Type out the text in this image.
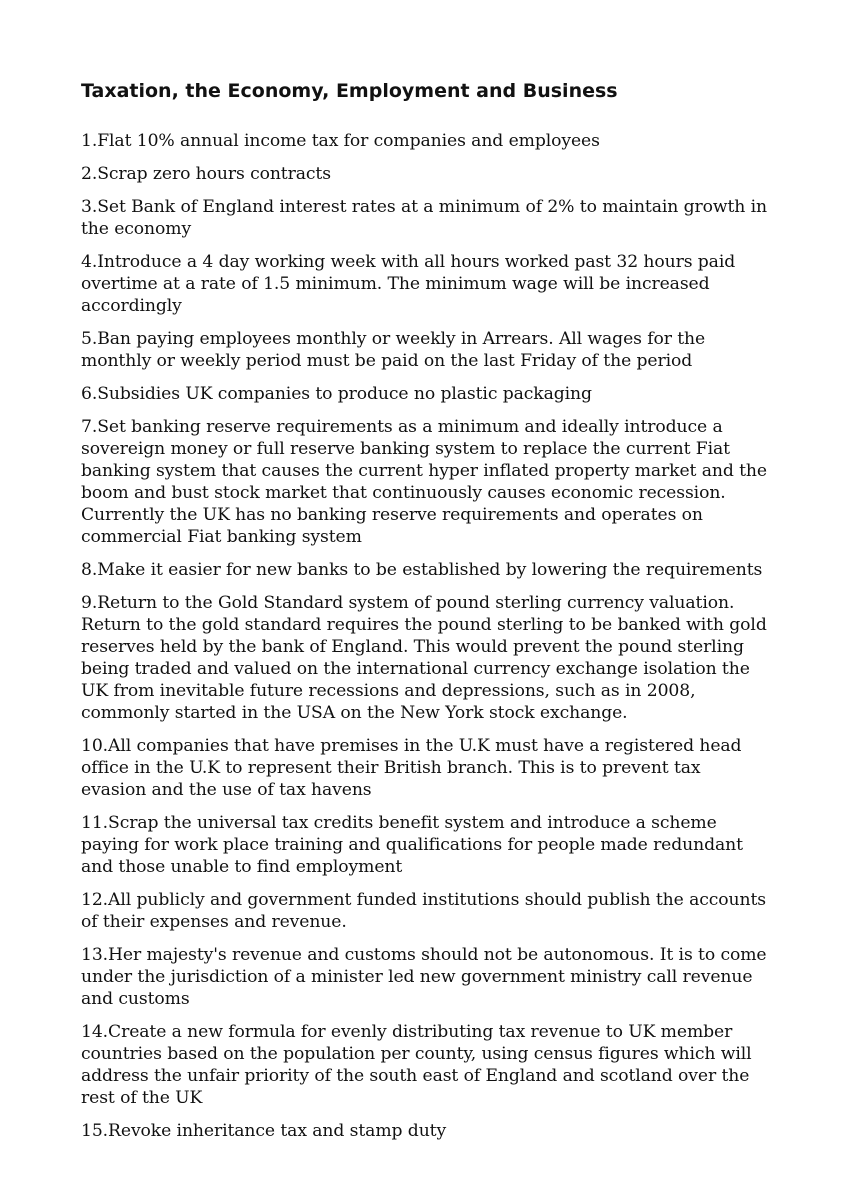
Taxation, the Economy, Employment and Business
1.Flat 10% annual income tax for companies and employees
2.Scrap zero hours contracts
3.Set Bank of England interest rates at a minimum of 2% to maintain growth in the economy
4.Introduce a 4 day working week with all hours worked past 32 hours paid overtime at a rate of 1.5 minimum. The minimum wage will be increased accordingly
5.Ban paying employees monthly or weekly in Arrears. All wages for the monthly or weekly period must be paid on the last Friday of the period
6.Subsidies UK companies to produce no plastic packaging
7.Set banking reserve requirements as a minimum and ideally introduce a sovereign money or full reserve banking system to replace the current Fiat banking system that causes the current hyper inflated property market and the boom and bust stock market that continuously causes economic recession. Currently the UK has no banking reserve requirements and operates on commercial Fiat banking system
8.Make it easier for new banks to be established by lowering the requirements
9.Return to the Gold Standard system of pound sterling currency valuation. Return to the gold standard requires the pound sterling to be banked with gold reserves held by the bank of England. This would prevent the pound sterling being traded and valued on the international currency exchange isolation the UK from inevitable future recessions and depressions, such as in 2008, commonly started in the USA on the New York stock exchange.
10.All companies that have premises in the U.K must have a registered head office in the U.K to represent their British branch. This is to prevent tax evasion and the use of tax havens
11.Scrap the universal tax credits benefit system and introduce a scheme paying for work place training and qualifications for people made redundant and those unable to find employment
12.All publicly and government funded institutions should publish the accounts of their expenses and revenue.
13.Her majesty's revenue and customs should not be autonomous. It is to come under the jurisdiction of a minister led new government ministry call revenue and customs
14.Create a new formula for evenly distributing tax revenue to UK member countries based on the population per county, using census figures which will address the unfair priority of the south east of England and scotland over the rest of the UK
15.Revoke inheritance tax and stamp duty
